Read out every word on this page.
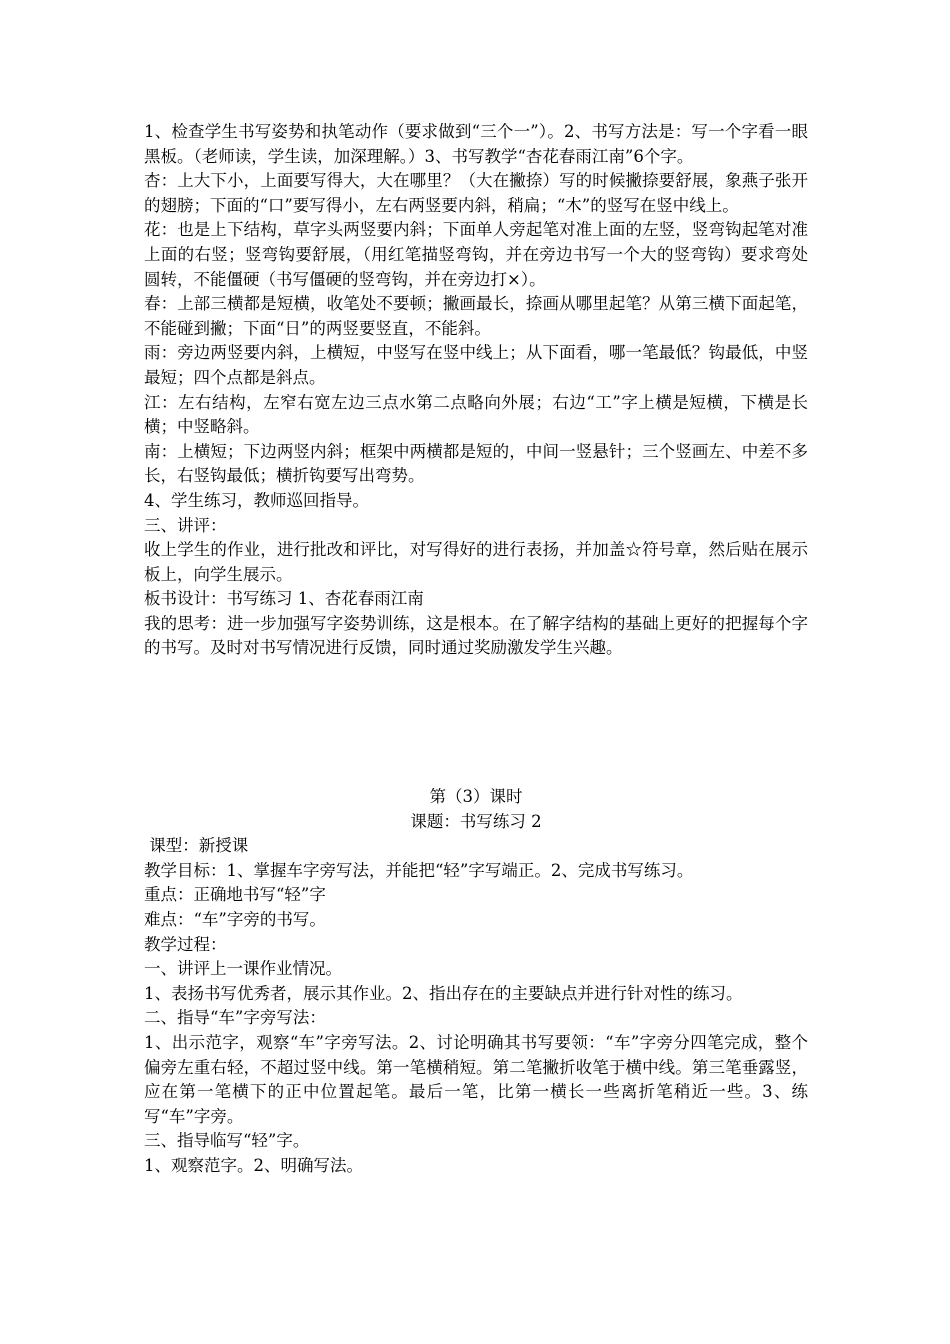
1、检查学生书写姿势和执笔动作（要求做到“三个一”）。2、书写方法是：写一个字看一眼黑板。（老师读，学生读，加深理解。）3、书写教学“杏花春雨江南”6个字。

杏：上大下小，上面要写得大，大在哪里？（大在撇捺）写的时候撇捺要舒展，象燕子张开的翅膀；下面的“口”要写得小，左右两竖要内斜，稍扁；“木”的竖写在竖中线上。

花：也是上下结构，草字头两竖要内斜；下面单人旁起笔对准上面的左竖，竖弯钩起笔对准上面的右竖；竖弯钩要舒展，（用红笔描竖弯钩，并在旁边书写一个大的竖弯钩）要求弯处圆转，不能僵硬（书写僵硬的竖弯钩，并在旁边打×）。

春：上部三横都是短横，收笔处不要顿；撇画最长，捺画从哪里起笔？从第三横下面起笔，不能碰到撇；下面“日”的两竖要竖直，不能斜。

雨：旁边两竖要内斜，上横短，中竖写在竖中线上；从下面看，哪一笔最低？钩最低，中竖最短；四个点都是斜点。

江：左右结构，左窄右宽左边三点水第二点略向外展；右边“工”字上横是短横，下横是长横；中竖略斜。

南：上横短；下边两竖内斜；框架中两横都是短的，中间一竖悬针；三个竖画左、中差不多长，右竖钩最低；横折钩要写出弯势。

4、学生练习，教师巡回指导。

三、讲评：

收上学生的作业，进行批改和评比，对写得好的进行表扬，并加盖☆符号章，然后贴在展示板上，向学生展示。

板书设计：书写练习 1、杏花春雨江南

我的思考：进一步加强写字姿势训练，这是根本。在了解字结构的基础上更好的把握每个字的书写。及时对书写情况进行反馈，同时通过奖励激发学生兴趣。

第（3）课时

课题：书写练习 2

课型：新授课

教学目标：1、掌握车字旁写法，并能把“轻”字写端正。2、完成书写练习。

重点：正确地书写“轻”字

难点：“车”字旁的书写。

教学过程：

一、讲评上一课作业情况。

1、表扬书写优秀者，展示其作业。2、指出存在的主要缺点并进行针对性的练习。

二、指导“车”字旁写法：

1、出示范字，观察“车”字旁写法。2、讨论明确其书写要领：“车”字旁分四笔完成，整个偏旁左重右轻，不超过竖中线。第一笔横稍短。第二笔撇折收笔于横中线。第三笔垂露竖，应在第一笔横下的正中位置起笔。最后一笔，比第一横长一些离折笔稍近一些。3、练写“车”字旁。

三、指导临写“轻”字。

1、观察范字。2、明确写法。
